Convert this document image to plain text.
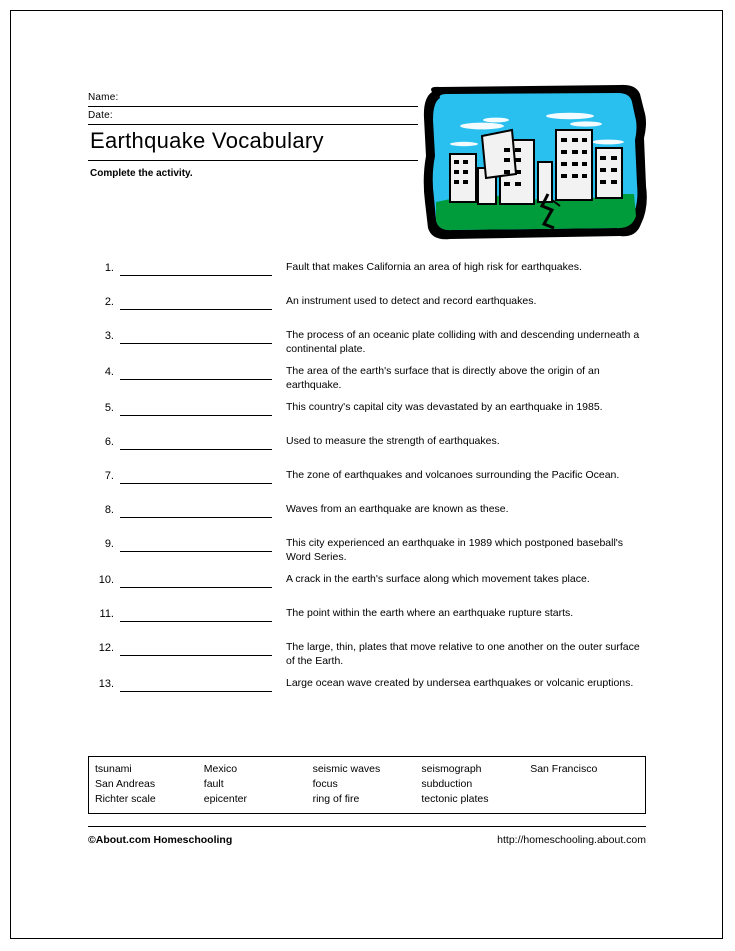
Name:
Date:
Earthquake Vocabulary
Complete the activity.
1.	Fault that makes California an area of high risk for earthquakes.
2.	An instrument used to detect and record earthquakes.
3.	The process of an oceanic plate colliding with and descending underneath a continental plate.
4.	The area of the earth's surface that is directly above the origin of an earthquake.
5.	This country's capital city was devastated by an earthquake in 1985.
6.	Used to measure the strength of earthquakes.
7.	The zone of earthquakes and volcanoes surrounding the Pacific Ocean.
8.	Waves from an earthquake are known as these.
9.	This city experienced an earthquake in 1989 which postponed baseball's Word Series.
10.	A crack in the earth's surface along which movement takes place.
11.	The point within the earth where an earthquake rupture starts.
12.	The large, thin, plates that move relative to one another on the outer surface of the Earth.
13.	Large ocean wave created by undersea earthquakes or volcanic eruptions.
tsunami	Mexico	seismic waves	seismograph	San Francisco
San Andreas	fault	focus	subduction
Richter scale	epicenter	ring of fire	tectonic plates
©About.com Homeschooling	http://homeschooling.about.com
